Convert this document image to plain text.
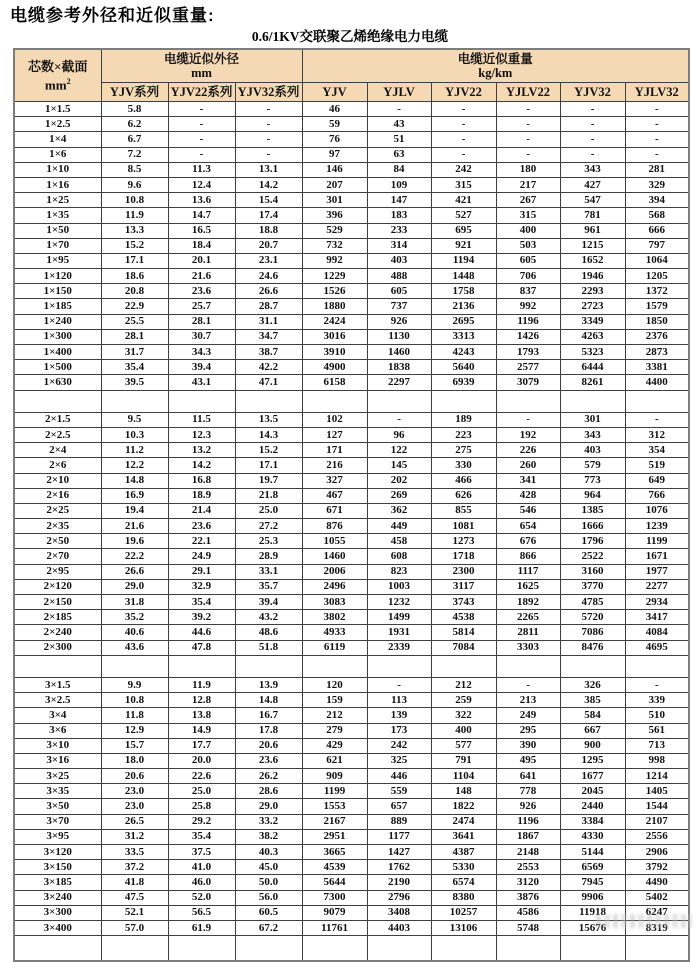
电缆参考外径和近似重量:
0.6/1KV交联聚乙烯绝缘电力电缆
芯数×截面
$mm^2$	电缆近似外径
mm			电缆近似重量
kg/km					
	YJV系列	YJV22系列	YJV32系列	YJV	YJLV	YJV22	YJLV22	YJV32	YJLV32
1×1.5	5.8	-	-	46	-	-	-	-	-
1×2.5	6.2	-	-	59	43	-	-	-	-
1×4	6.7	-	-	76	51	-	-	-	-
1×6	7.2	-	-	97	63	-	-	-	-
1×10	8.5	11.3	13.1	146	84	242	180	343	281
1×16	9.6	12.4	14.2	207	109	315	217	427	329
1×25	10.8	13.6	15.4	301	147	421	267	547	394
1×35	11.9	14.7	17.4	396	183	527	315	781	568
1×50	13.3	16.5	18.8	529	233	695	400	961	666
1×70	15.2	18.4	20.7	732	314	921	503	1215	797
1×95	17.1	20.1	23.1	992	403	1194	605	1652	1064
1×120	18.6	21.6	24.6	1229	488	1448	706	1946	1205
1×150	20.8	23.6	26.6	1526	605	1758	837	2293	1372
1×185	22.9	25.7	28.7	1880	737	2136	992	2723	1579
1×240	25.5	28.1	31.1	2424	926	2695	1196	3349	1850
1×300	28.1	30.7	34.7	3016	1130	3313	1426	4263	2376
1×400	31.7	34.3	38.7	3910	1460	4243	1793	5323	2873
1×500	35.4	39.4	42.2	4900	1838	5640	2577	6444	3381
1×630	39.5	43.1	47.1	6158	2297	6939	3079	8261	4400

2×1.5	9.5	11.5	13.5	102	-	189	-	301	-
2×2.5	10.3	12.3	14.3	127	96	223	192	343	312
2×4	11.2	13.2	15.2	171	122	275	226	403	354
2×6	12.2	14.2	17.1	216	145	330	260	579	519
2×10	14.8	16.8	19.7	327	202	466	341	773	649
2×16	16.9	18.9	21.8	467	269	626	428	964	766
2×25	19.4	21.4	25.0	671	362	855	546	1385	1076
2×35	21.6	23.6	27.2	876	449	1081	654	1666	1239
2×50	19.6	22.1	25.3	1055	458	1273	676	1796	1199
2×70	22.2	24.9	28.9	1460	608	1718	866	2522	1671
2×95	26.6	29.1	33.1	2006	823	2300	1117	3160	1977
2×120	29.0	32.9	35.7	2496	1003	3117	1625	3770	2277
2×150	31.8	35.4	39.4	3083	1232	3743	1892	4785	2934
2×185	35.2	39.2	43.2	3802	1499	4538	2265	5720	3417
2×240	40.6	44.6	48.6	4933	1931	5814	2811	7086	4084
2×300	43.6	47.8	51.8	6119	2339	7084	3303	8476	4695

3×1.5	9.9	11.9	13.9	120	-	212	-	326	-
3×2.5	10.8	12.8	14.8	159	113	259	213	385	339
3×4	11.8	13.8	16.7	212	139	322	249	584	510
3×6	12.9	14.9	17.8	279	173	400	295	667	561
3×10	15.7	17.7	20.6	429	242	577	390	900	713
3×16	18.0	20.0	23.6	621	325	791	495	1295	998
3×25	20.6	22.6	26.2	909	446	1104	641	1677	1214
3×35	23.0	25.0	28.6	1199	559	148	778	2045	1405
3×50	23.0	25.8	29.0	1553	657	1822	926	2440	1544
3×70	26.5	29.2	33.2	2167	889	2474	1196	3384	2107
3×95	31.2	35.4	38.2	2951	1177	3641	1867	4330	2556
3×120	33.5	37.5	40.3	3665	1427	4387	2148	5144	2906
3×150	37.2	41.0	45.0	4539	1762	5330	2553	6569	3792
3×185	41.8	46.0	50.0	5644	2190	6574	3120	7945	4490
3×240	47.5	52.0	56.0	7300	2796	8380	3876	9906	5402
3×300	52.1	56.5	60.5	9079	3408	10257	4586	11918	6247
3×400	57.0	61.9	67.2	11761	4403	13106	5748	15676	8319
